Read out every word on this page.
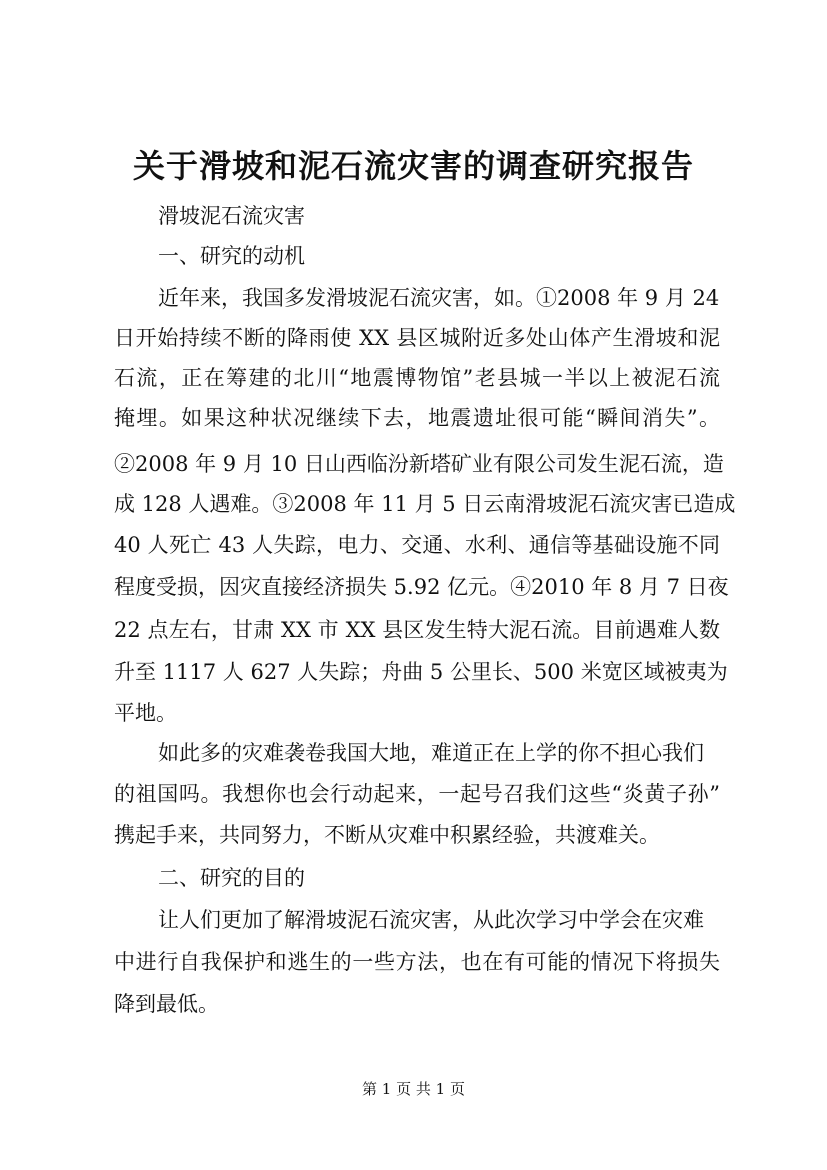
关于滑坡和泥石流灾害的调查研究报告
滑坡泥石流灾害
一、研究的动机
近年来，我国多发滑坡泥石流灾害，如。①2008 年 9 月 24
日开始持续不断的降雨使 XX 县区城附近多处山体产生滑坡和泥
石流，正在筹建的北川“地震博物馆”老县城一半以上被泥石流
掩埋。如果这种状况继续下去，地震遗址很可能“瞬间消失”。
②2008 年 9 月 10 日山西临汾新塔矿业有限公司发生泥石流，造
成 128 人遇难。③2008 年 11 月 5 日云南滑坡泥石流灾害已造成
40 人死亡 43 人失踪，电力、交通、水利、通信等基础设施不同
程度受损，因灾直接经济损失 5.92 亿元。④2010 年 8 月 7 日夜
22 点左右，甘肃 XX 市 XX 县区发生特大泥石流。目前遇难人数
升至 1117 人 627 人失踪；舟曲 5 公里长、500 米宽区域被夷为
平地。
如此多的灾难袭卷我国大地，难道正在上学的你不担心我们
的祖国吗。我想你也会行动起来，一起号召我们这些“炎黄子孙”
携起手来，共同努力，不断从灾难中积累经验，共渡难关。
二、研究的目的
让人们更加了解滑坡泥石流灾害，从此次学习中学会在灾难
中进行自我保护和逃生的一些方法，也在有可能的情况下将损失
降到最低。
第 1 页 共 1 页
